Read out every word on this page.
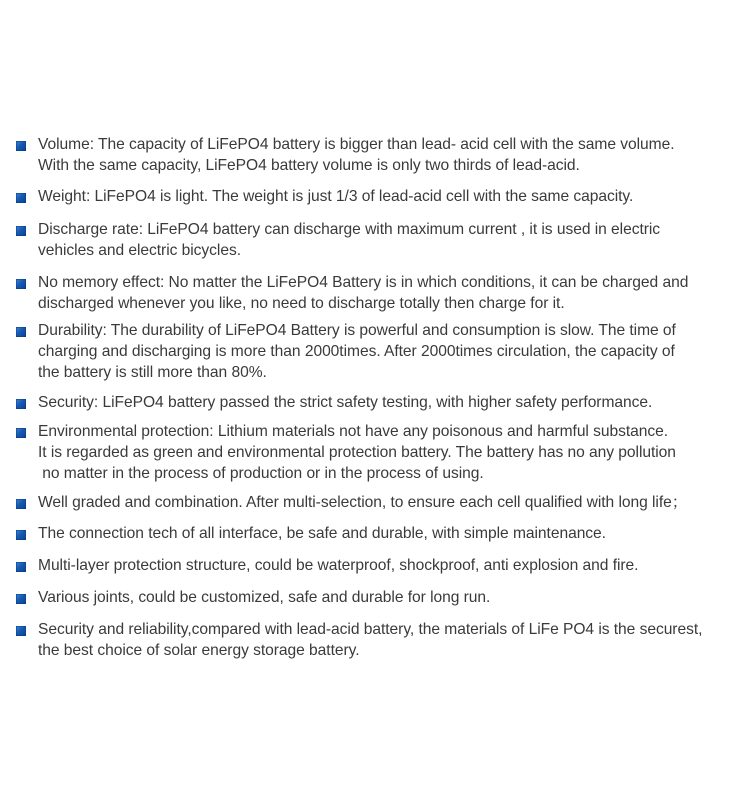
Volume: The capacity of LiFePO4 battery is bigger than lead- acid cell with the same volume.
With the same capacity, LiFePO4 battery volume is only two thirds of lead-acid.
Weight: LiFePO4 is light. The weight is just 1/3 of lead-acid cell with the same capacity.
Discharge rate: LiFePO4 battery can discharge with maximum current , it is used in electric
vehicles and electric bicycles.
No memory effect: No matter the LiFePO4 Battery is in which conditions, it can be charged and
discharged whenever you like, no need to discharge totally then charge for it.
Durability: The durability of LiFePO4 Battery is powerful and consumption is slow. The time of
charging and discharging is more than 2000times. After 2000times circulation, the capacity of
the battery is still more than 80%.
Security: LiFePO4 battery passed the strict safety testing, with higher safety performance.
Environmental protection: Lithium materials not have any poisonous and harmful substance.
It is regarded as green and environmental protection battery. The battery has no any pollution
no matter in the process of production or in the process of using.
Well graded and combination. After multi-selection, to ensure each cell qualified with long life；
The connection tech of all interface, be safe and durable, with simple maintenance.
Multi-layer protection structure, could be waterproof, shockproof, anti explosion and fire.
Various joints, could be customized, safe and durable for long run.
Security and reliability,compared with lead-acid battery, the materials of LiFe PO4 is the securest,
the best choice of solar energy storage battery.
